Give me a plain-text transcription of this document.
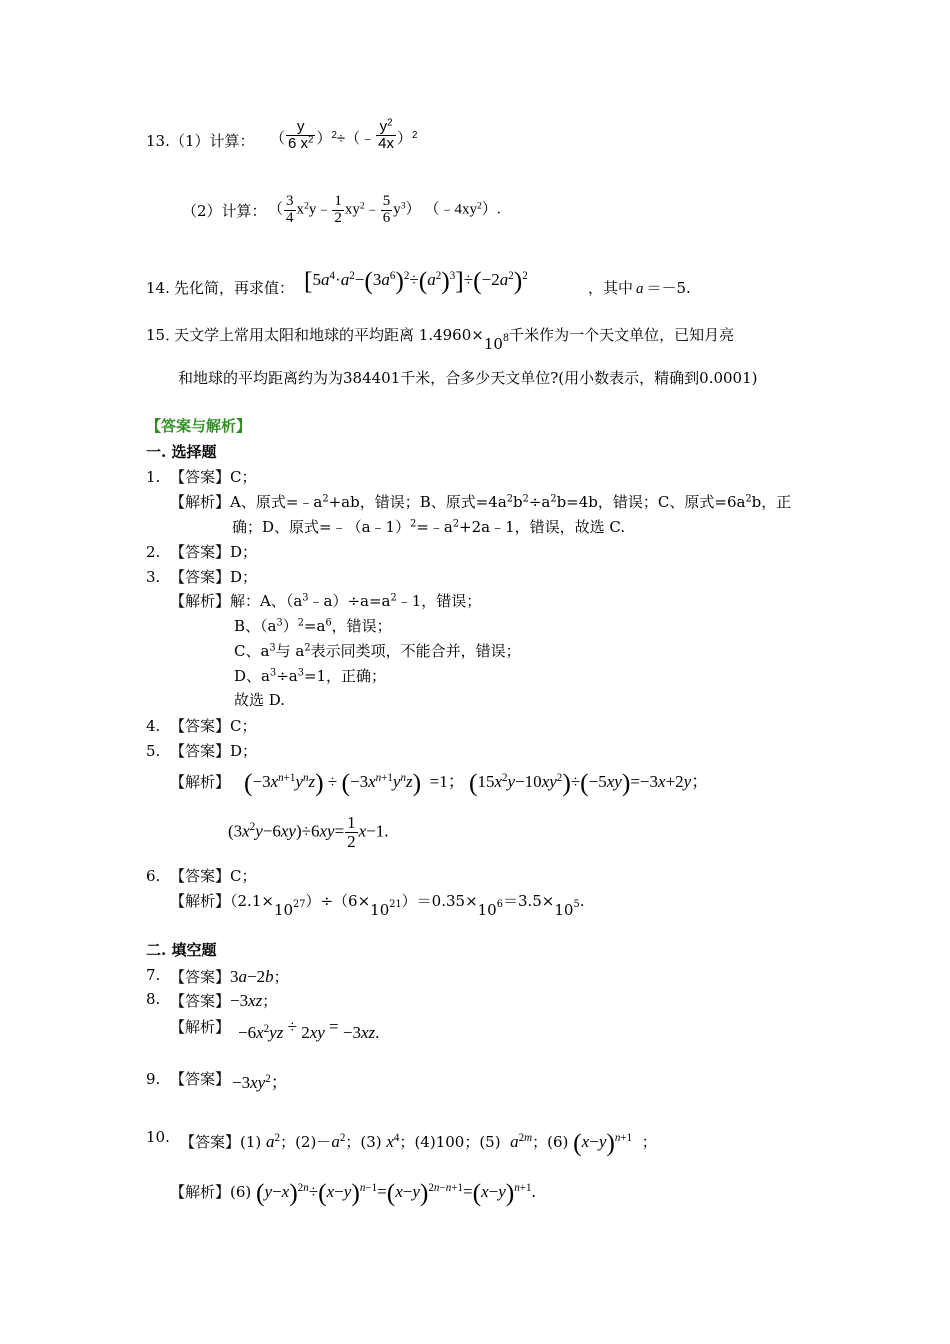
13. （1）计算： （ $\frac{y}{6 x^2}$ ）$^2$÷（﹣ $\frac{y^2}{4x} )^2$
（2）计算： （ $\frac{3}{4}$ $x^2y﹣ \frac{1}{2}$ $xy^2﹣ \frac{5}{6} y^3$） $(﹣4xy^2)$.
14. 先化简，再求值： $[5a^4\cdot a^2-(3a^6)^2\div(a^2)^3]\div(-2a^2)^2$
，其中 a ＝－5.
15．
天文学上常用太阳和地球的平均距离 $1.4960\times 10^8$千米作为一个天文单位，已知月亮
和地球的平均距离约为为384401千米，合多少天文单位?(用小数表示，精确到0.0001)
【答案与解析】
一. 选择题
1. 【答案】C；
【解析】A、原式$=﹣a^2+ab$，错误；B、原式$=4a^2b^2\div a^2b=4b$，错误；C、原式$=6a^2b$，正
确；D、原式$=﹣(a﹣1)^2=﹣a^2+2a﹣1$，错误，故选 C.
2. 【答案】D；
3. 【答案】D；
【解析】解：A、$(a^3﹣a)\div a=a^2﹣1$，错误；
B、$(a^3)^2=a^6$，错误；
C、$a^3$与 $a^2$表示同类项，不能合并，错误；
D、$a^3\div a^3=1$，正确；
故选 D.
4. 【答案】C；
5. 【答案】D；
【解析】 $(-3x^{n+1}y^nz) \div (-3x^{n+1}y^nz) =1$； $(15x^2y-10xy^2)\div(-5xy)=-3x+2y$；
$(3x^2y-6xy)\div 6xy= \frac{1}{2} x-1$.
6. 【答案】C；
【解析】$(2.1\times 10^{27})\div(6\times 10^{21})=0.35\times 10^6=3.5\times 10^5$.
二. 填空题
7. 【答案】3a−2b；
8. 【答案】−3xz；
【解析】 $-6x^2yz \div 2xy = -3xz$.
9. 【答案】 $-3xy^2$；
10. 【答案】(1) $a^2$；$(2)-a^2$；(3) $x^4$；(4)100；(5)  $a^{2m}$；(6) $(x-y)^{n+1}$  ；
【解析】(6) $(y-x)^{2n}\div(x-y)^{n-1}=(x-y)^{2n-n+1}=(x-y)^{n+1}$.
